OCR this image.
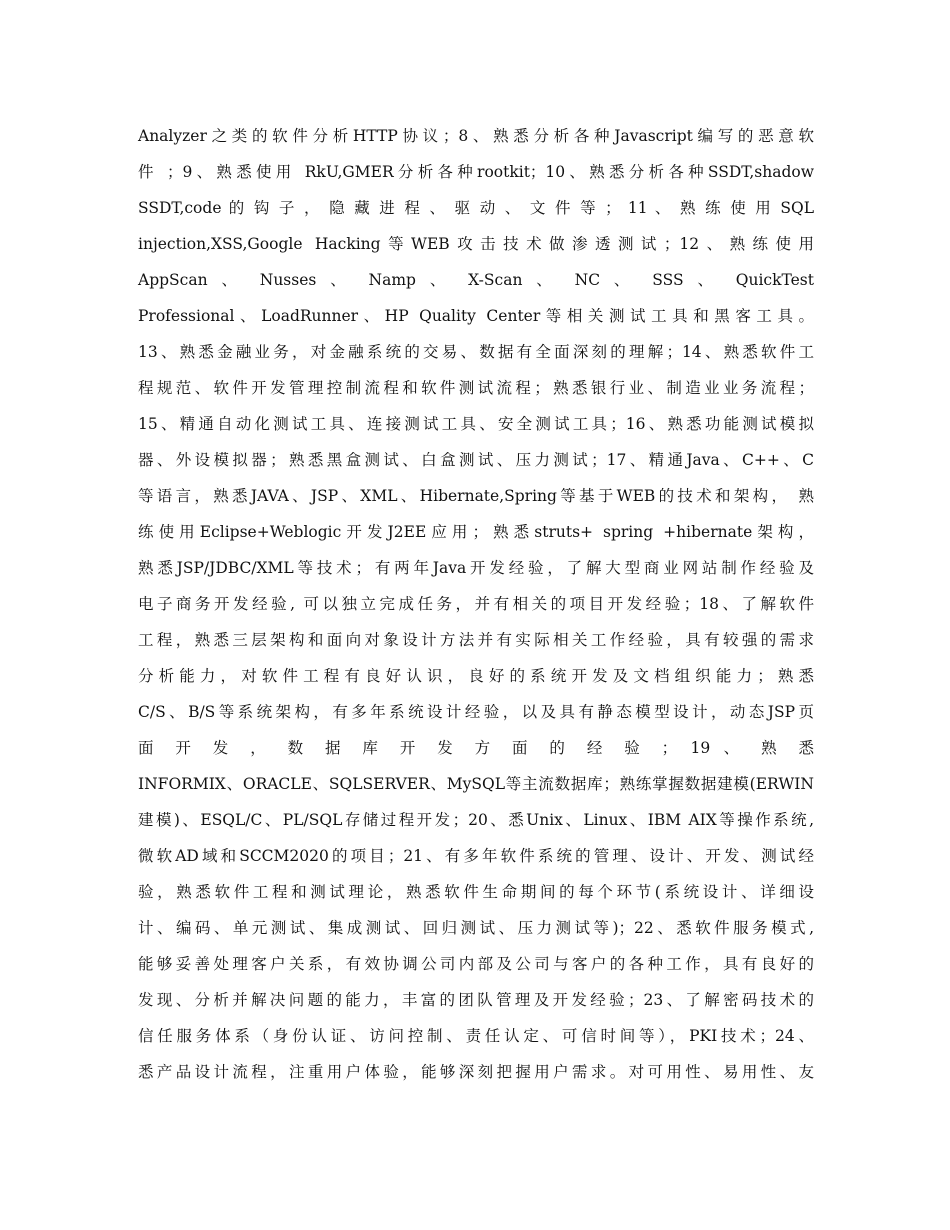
Analyzer之类的软件分析HTTP协议；8、熟悉分析各种Javascript编写的恶意软
件 ；9、熟悉使用 RkU,GMER分析各种rootkit；10、熟悉分析各种SSDT,shadow
SSDT,code 的 钩 子 ， 隐 藏 进 程 、 驱 动 、 文 件 等 ； 11 、 熟 练 使 用 SQL
injection,XSS,Google Hacking等WEB攻击技术做渗透测试；12、熟练使用
AppScan 、 Nusses 、 Namp 、 X-Scan 、 NC 、 SSS 、 QuickTest
Professional、LoadRunner、HP Quality Center等相关测试工具和黑客工具。
13、熟悉金融业务，对金融系统的交易、数据有全面深刻的理解；14、熟悉软件工
程规范、软件开发管理控制流程和软件测试流程；熟悉银行业、制造业业务流程；
15、精通自动化测试工具、连接测试工具、安全测试工具；16、熟悉功能测试模拟
器、外设模拟器；熟悉黑盒测试、白盒测试、压力测试；17、精通Java、C++、C
等语言，熟悉JAVA、JSP、XML、Hibernate,Spring等基于WEB的技术和架构， 熟
练使用Eclipse+Weblogic开发J2EE应用；熟悉struts+ spring +hibernate架构，
熟悉JSP/JDBC/XML等技术；有两年Java开发经验，了解大型商业网站制作经验及
电子商务开发经验, 可以独立完成任务，并有相关的项目开发经验；18、了解软件
工程，熟悉三层架构和面向对象设计方法并有实际相关工作经验，具有较强的需求
分析能力，对软件工程有良好认识，良好的系统开发及文档组织能力；熟悉
C/S、B/S等系统架构，有多年系统设计经验，以及具有静态模型设计，动态JSP页
面 开 发 ， 数 据 库 开 发 方 面 的 经 验 ； 19 、 熟 悉
INFORMIX、ORACLE、SQLSERVER、MySQL等主流数据库；熟练掌握数据建模(ERWIN
建模)、ESQL/C、PL/SQL存储过程开发；20、悉Unix、Linux、IBM AIX等操作系统,
微软AD域和SCCM2020的项目；21、有多年软件系统的管理、设计、开发、测试经
验，熟悉软件工程和测试理论，熟悉软件生命期间的每个环节(系统设计、详细设
计、编码、单元测试、集成测试、回归测试、压力测试等)；22、悉软件服务模式,
能够妥善处理客户关系，有效协调公司内部及公司与客户的各种工作，具有良好的
发现、分析并解决问题的能力，丰富的团队管理及开发经验；23、了解密码技术的
信任服务体系（身份认证、访问控制、责任认定、可信时间等），PKI技术；24、
悉产品设计流程，注重用户体验，能够深刻把握用户需求。对可用性、易用性、友
